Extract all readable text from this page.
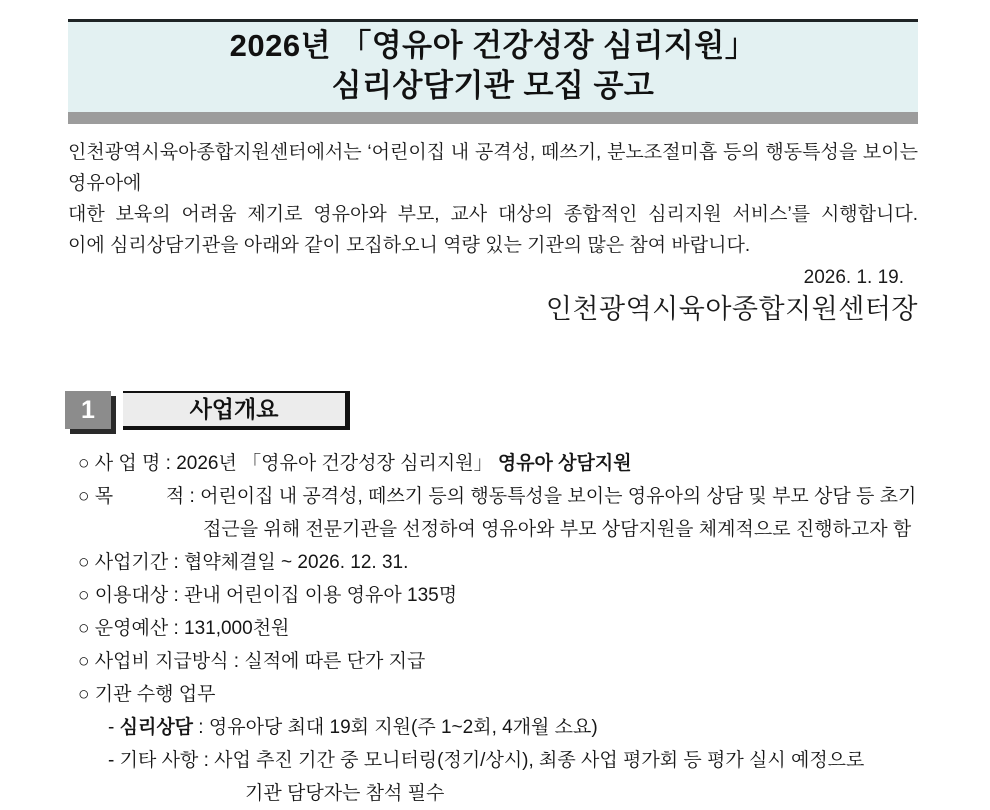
2026년 「영유아 건강성장 심리지원」
심리상담기관 모집 공고
인천광역시육아종합지원센터에서는 ‘어린이집 내 공격성, 떼쓰기, 분노조절미흡 등의 행동특성을 보이는 영유아에
대한 보육의 어려움 제기로 영유아와 부모, 교사 대상의 종합적인 심리지원 서비스’를 시행합니다.
이에 심리상담기관을 아래와 같이 모집하오니 역량 있는 기관의 많은 참여 바랍니다.
2026. 1. 19.
인천광역시육아종합지원센터장
1	사업개요
○ 사 업 명 : 2026년 「영유아 건강성장 심리지원」 영유아 상담지원
○ 목          적 : 어린이집 내 공격성, 떼쓰기 등의 행동특성을 보이는 영유아의 상담 및 부모 상담 등 초기
접근을 위해 전문기관을 선정하여 영유아와 부모 상담지원을 체계적으로 진행하고자 함
○ 사업기간 : 협약체결일 ~ 2026. 12. 31.
○ 이용대상 : 관내 어린이집 이용 영유아 135명
○ 운영예산 : 131,000천원
○ 사업비 지급방식 : 실적에 따른 단가 지급
○ 기관 수행 업무
- 심리상담 : 영유아당 최대 19회 지원(주 1~2회, 4개월 소요)
- 기타 사항 : 사업 추진 기간 중 모니터링(정기/상시), 최종 사업 평가회 등 평가 실시 예정으로
기관 담당자는 참석 필수
